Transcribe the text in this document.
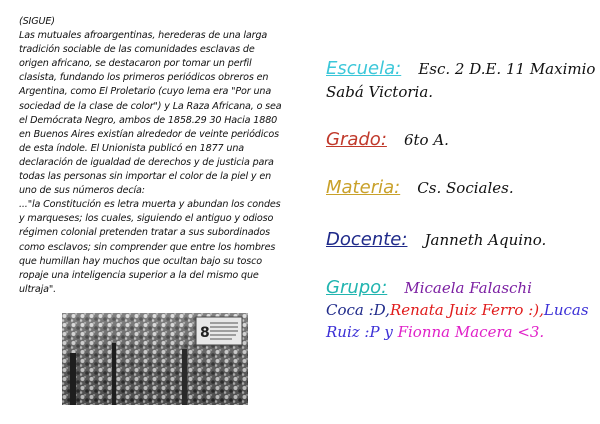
(SIGUE)

Las mutuales afroargentinas, herederas de una larga tradición sociable de las comunidades esclavas de origen africano, se destacaron por tomar un perfil clasista, fundando los primeros periódicos obreros en Argentina, como El Proletario (cuyo lema era "Por una sociedad de la clase de color") y La Raza Africana, o sea el Demócrata Negro, ambos de 1858.29 30 Hacia 1880 en Buenos Aires existían alrededor de veinte periódicos de esta índole. El Unionista publicó en 1877 una declaración de igualdad de derechos y de justicia para todas las personas sin importar el color de la piel y en uno de sus números decía:

..."la Constitución es letra muerta y abundan los condes y marqueses; los cuales, siguiendo el antiguo y odioso régimen colonial pretenden tratar a sus subordinados como esclavos; sin comprender que entre los hombres que humillan hay muchos que ocultan bajo su tosco ropaje una inteligencia superior a la del mismo que ultraja".

8
Escuela: Esc. 2 D.E. 11 Maximio
Sabá Victoria.
Grado: 6to A.
Materia: Cs. Sociales.
Docente: Janneth Aquino.
Grupo: Micaela Falaschi
Coca :D,Renata Juiz Ferro :),Lucas
Ruiz :P y Fionna Macera <3.
